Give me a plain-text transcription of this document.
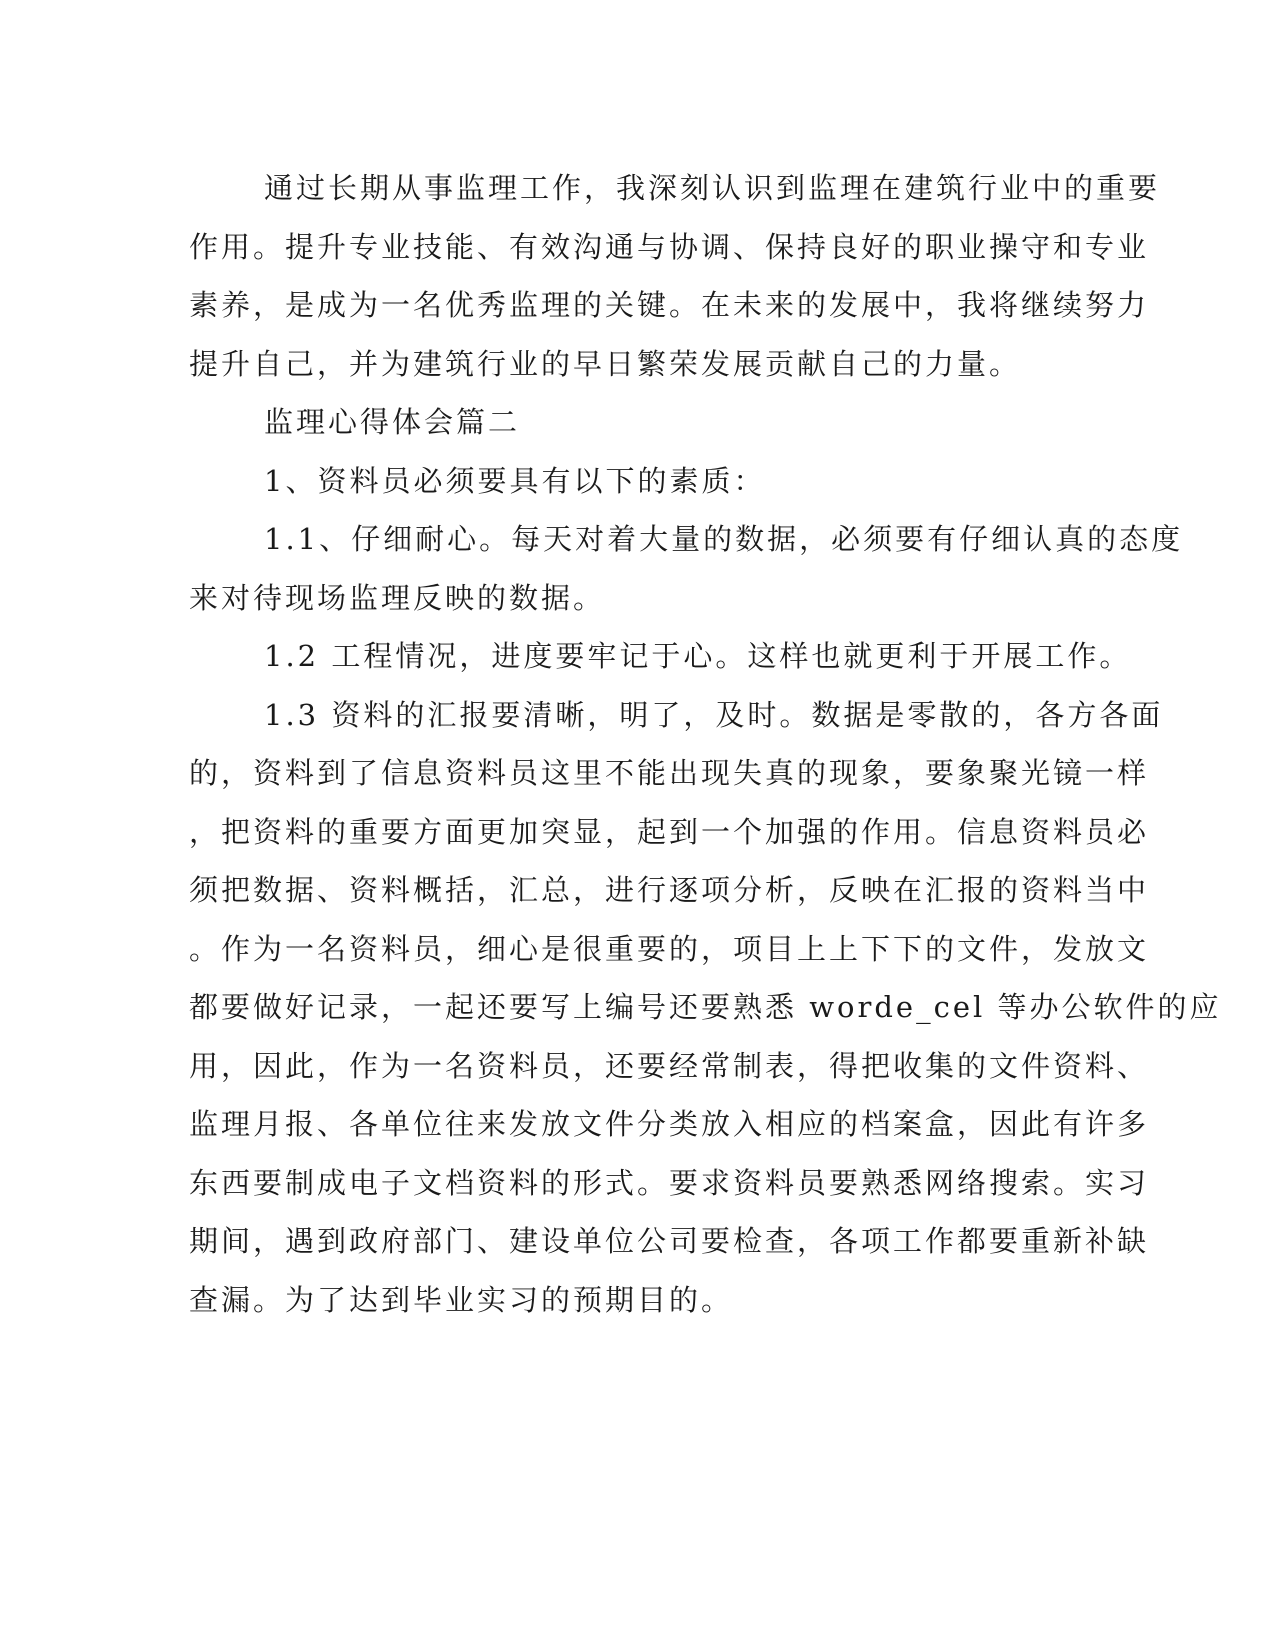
通过长期从事监理工作，我深刻认识到监理在建筑行业中的重要
作用。提升专业技能、有效沟通与协调、保持良好的职业操守和专业
素养，是成为一名优秀监理的关键。在未来的发展中，我将继续努力
提升自己，并为建筑行业的早日繁荣发展贡献自己的力量。
监理心得体会篇二
1、资料员必须要具有以下的素质：
1.1、仔细耐心。每天对着大量的数据，必须要有仔细认真的态度
来对待现场监理反映的数据。
1.2 工程情况，进度要牢记于心。这样也就更利于开展工作。
1.3 资料的汇报要清晰，明了，及时。数据是零散的，各方各面
的，资料到了信息资料员这里不能出现失真的现象，要象聚光镜一样
，把资料的重要方面更加突显，起到一个加强的作用。信息资料员必
须把数据、资料概括，汇总，进行逐项分析，反映在汇报的资料当中
。作为一名资料员，细心是很重要的，项目上上下下的文件，发放文
都要做好记录，一起还要写上编号还要熟悉 worde_cel 等办公软件的应
用，因此，作为一名资料员，还要经常制表，得把收集的文件资料、
监理月报、各单位往来发放文件分类放入相应的档案盒，因此有许多
东西要制成电子文档资料的形式。要求资料员要熟悉网络搜索。实习
期间，遇到政府部门、建设单位公司要检查，各项工作都要重新补缺
查漏。为了达到毕业实习的预期目的。
